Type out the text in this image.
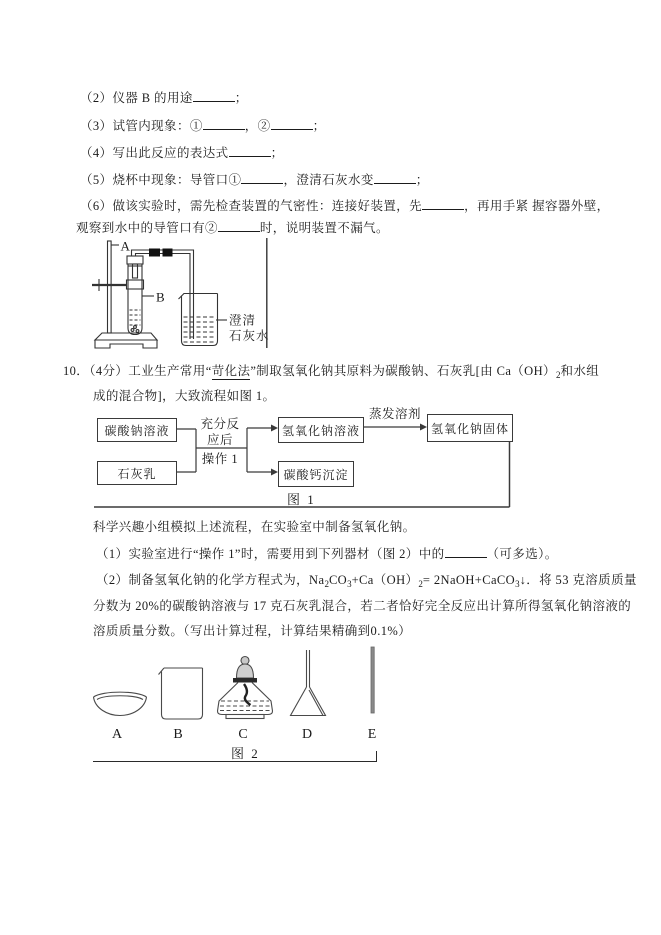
（2）仪器 B 的用途	；
（3）试管内现象：①	，②	；
（4）写出此反应的表达式	；
（5）烧杯中现象：导管口①	，澄清石灰水变	；
（6）做该实验时，需先检查装置的气密性：连接好装置，先	，再用手紧 握容器外壁，
观察到水中的导管口有②	时，说明装置不漏气。
A
B
澄清
石灰水
10．（4分）工业生产常用“苛化法”制取氢氧化钠其原料为碳酸钠、石灰乳[由 $Ca(OH)_2$和水组
成的混合物]，大致流程如图 1。
碳酸钠溶液
石灰乳
充分反
应后
操作 1
氢氧化钠溶液
碳酸钙沉淀
蒸发溶剂
氢氧化钠固体
图 1
科学兴趣小组模拟上述流程，在实验室中制备氢氧化钠。
（1）实验室进行“操作 1”时，需要用到下列器材（图 2）中的	（可多选）。
（2）制备氢氧化钠的化学方程式为，$Na_2CO_3+Ca(OH)_2=$ 2NaOH+CaCO$_3$↓．将 53 克溶质质量
分数为 20%的碳酸钠溶液与 17 克石灰乳混合，若二者恰好完全反应出计算所得氢氧化钠溶液的
溶质质量分数。（写出计算过程，计算结果精确到0.1%）
A	B	C	D	E
图 2
